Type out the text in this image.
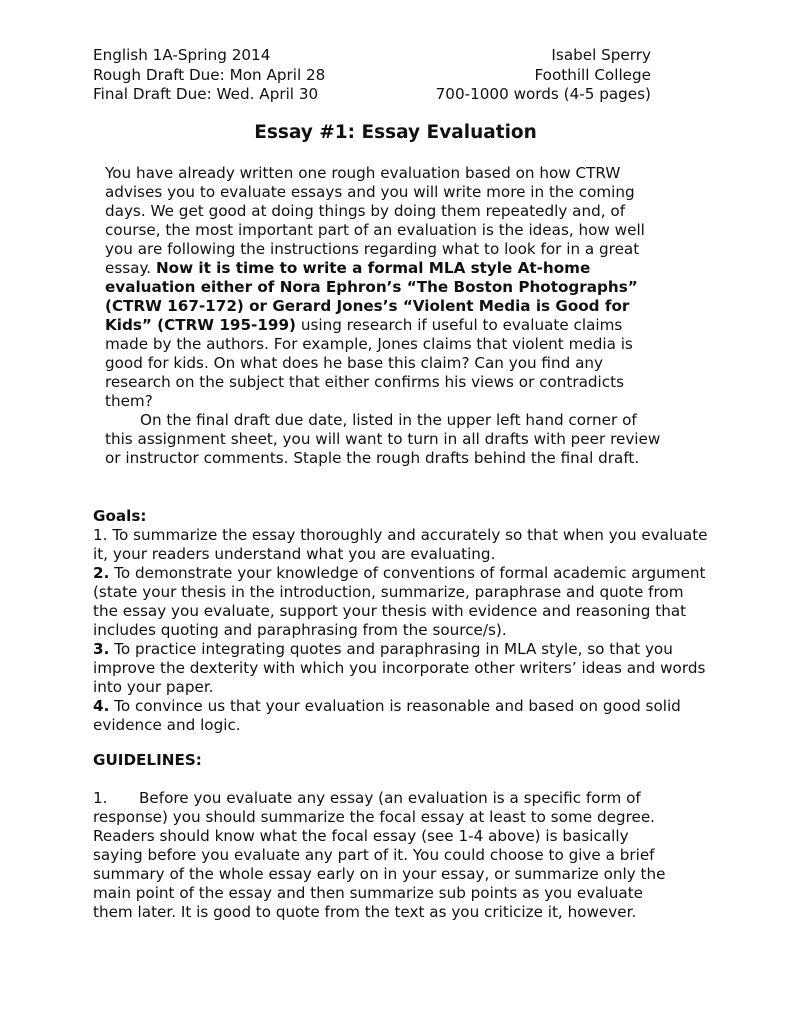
English 1A-Spring 2014
Rough Draft Due: Mon April 28
Final Draft Due: Wed. April 30
Isabel Sperry
Foothill College
700-1000 words (4-5 pages)
Essay #1: Essay Evaluation

You have already written one rough evaluation based on how CTRW advises you to evaluate essays and you will write more in the coming days. We get good at doing things by doing them repeatedly and, of course, the most important part of an evaluation is the ideas, how well you are following the instructions regarding what to look for in a great essay. Now it is time to write a formal MLA style At-home evaluation either of Nora Ephron’s “The Boston Photographs” (CTRW 167-172) or Gerard Jones’s “Violent Media is Good for Kids” (CTRW 195-199) using research if useful to evaluate claims made by the authors. For example, Jones claims that violent media is good for kids. On what does he base this claim? Can you find any research on the subject that either confirms his views or contradicts them?

On the final draft due date, listed in the upper left hand corner of this assignment sheet, you will want to turn in all drafts with peer review or instructor comments. Staple the rough drafts behind the final draft.

Goals:
1. To summarize the essay thoroughly and accurately so that when you evaluate it, your readers understand what you are evaluating.
2. To demonstrate your knowledge of conventions of formal academic argument (state your thesis in the introduction, summarize, paraphrase and quote from the essay you evaluate, support your thesis with evidence and reasoning that includes quoting and paraphrasing from the source/s).
3. To practice integrating quotes and paraphrasing in MLA style, so that you improve the dexterity with which you incorporate other writers’ ideas and words into your paper.
4. To convince us that your evaluation is reasonable and based on good solid evidence and logic.
GUIDELINES:
1. Before you evaluate any essay (an evaluation is a specific form of response) you should summarize the focal essay at least to some degree. Readers should know what the focal essay (see 1-4 above) is basically saying before you evaluate any part of it. You could choose to give a brief summary of the whole essay early on in your essay, or summarize only the main point of the essay and then summarize sub points as you evaluate them later. It is good to quote from the text as you criticize it, however.
